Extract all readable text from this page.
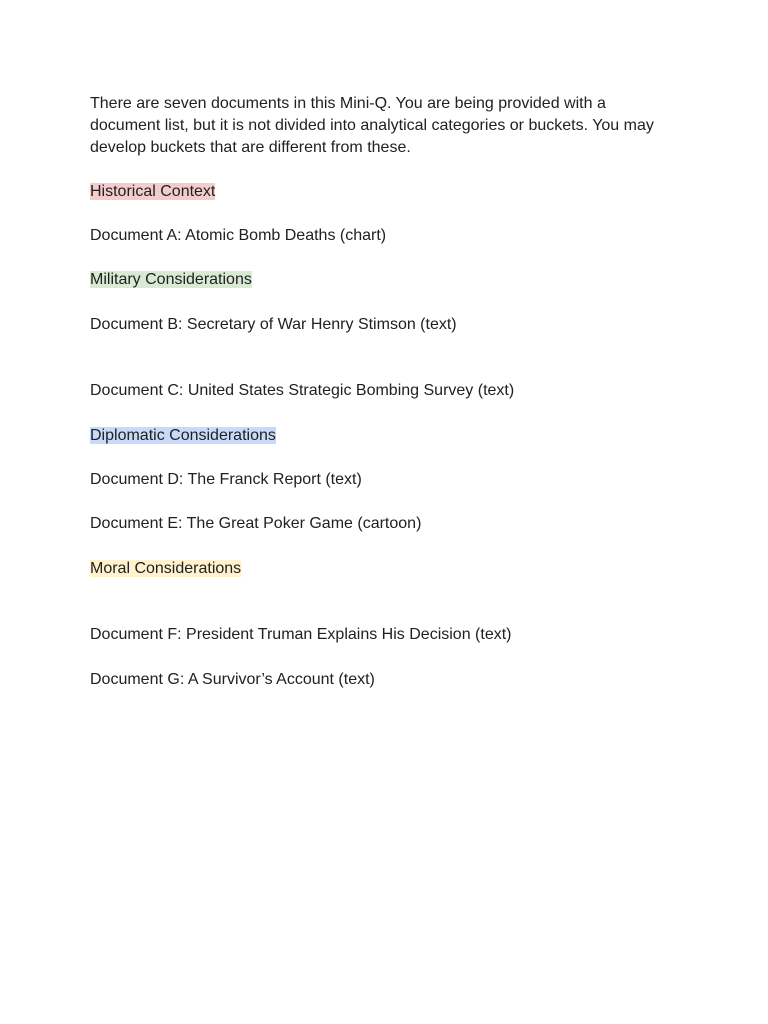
There are seven documents in this Mini-Q. You are being provided with a document list, but it is not divided into analytical categories or buckets. You may develop buckets that are different from these.

Historical Context

Document A: Atomic Bomb Deaths (chart)

Military Considerations

Document B: Secretary of War Henry Stimson (text)

Document C: United States Strategic Bombing Survey (text)

Diplomatic Considerations

Document D: The Franck Report (text)

Document E: The Great Poker Game (cartoon)

Moral Considerations

Document F: President Truman Explains His Decision (text)

Document G: A Survivor’s Account (text)
